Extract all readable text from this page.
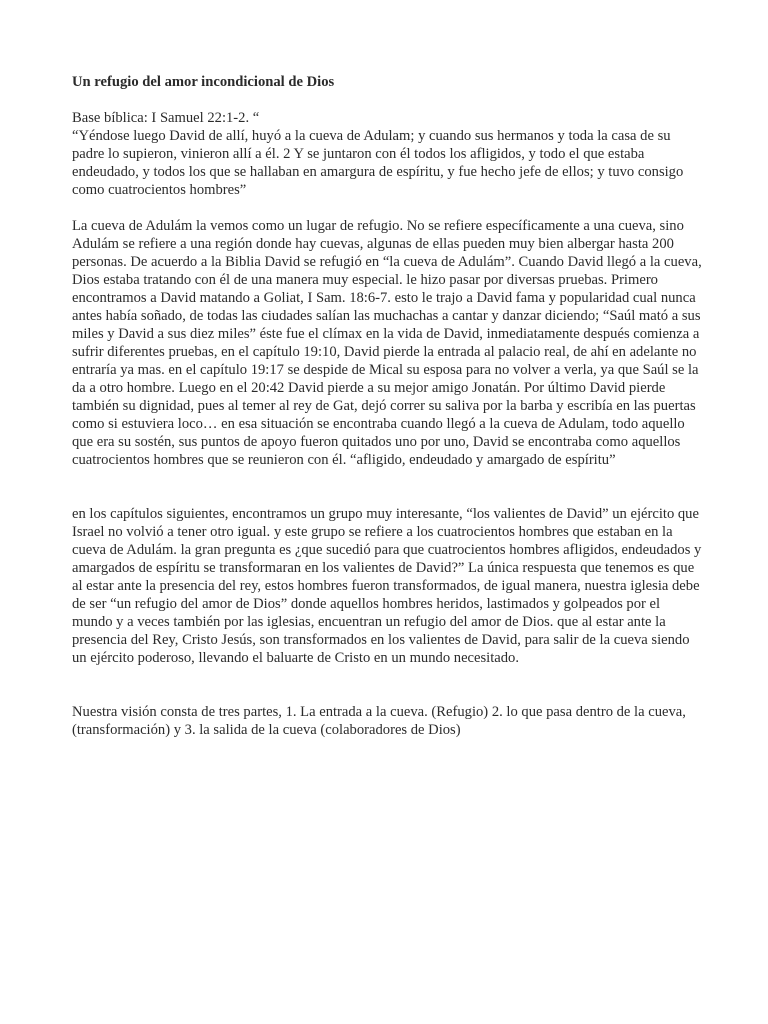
Un refugio del amor incondicional de Dios

Base bíblica: I Samuel 22:1-2. “

“Yéndose luego David de allí, huyó a la cueva de Adulam; y cuando sus hermanos y toda la casa de su padre lo supieron, vinieron allí a él. 2 Y se juntaron con él todos los afligidos, y todo el que estaba endeudado, y todos los que se hallaban en amargura de espíritu, y fue hecho jefe de ellos; y tuvo consigo como cuatrocientos hombres”

La cueva de Adulám la vemos como un lugar de refugio. No se refiere específicamente a una cueva, sino Adulám se refiere a una región donde hay cuevas, algunas de ellas pueden muy bien albergar hasta 200 personas. De acuerdo a la Biblia David se refugió en “la cueva de Adulám”. Cuando David llegó a la cueva, Dios estaba tratando con él de una manera muy especial. le hizo pasar por diversas pruebas. Primero encontramos a David matando a Goliat, I Sam. 18:6-7. esto le trajo a David fama y popularidad cual nunca antes había soñado, de todas las ciudades salían las muchachas a cantar y danzar diciendo; “Saúl mató a sus miles y David a sus diez miles” éste fue el clímax en la vida de David, inmediatamente después comienza a sufrir diferentes pruebas, en el capítulo 19:10, David pierde la entrada al palacio real, de ahí en adelante no entraría ya mas. en el capítulo 19:17 se despide de Mical su esposa para no volver a verla, ya que Saúl se la da a otro hombre. Luego en el 20:42 David pierde a su mejor amigo Jonatán. Por último David pierde también su dignidad, pues al temer al rey de Gat, dejó correr su saliva por la barba y escribía en las puertas como si estuviera loco… en esa situación se encontraba cuando llegó a la cueva de Adulam, todo aquello que era su sostén, sus puntos de apoyo fueron quitados uno por uno, David se encontraba como aquellos cuatrocientos hombres que se reunieron con él. “afligido, endeudado y amargado de espíritu”

en los capítulos siguientes, encontramos un grupo muy interesante, “los valientes de David” un ejército que Israel no volvió a tener otro igual. y este grupo se refiere a los cuatrocientos hombres que estaban en la cueva de Adulám. la gran pregunta es ¿que sucedió para que cuatrocientos hombres afligidos, endeudados y amargados de espíritu se transformaran en los valientes de David?” La única respuesta que tenemos es que al estar ante la presencia del rey, estos hombres fueron transformados, de igual manera, nuestra iglesia debe de ser “un refugio del amor de Dios” donde aquellos hombres heridos, lastimados y golpeados por el mundo y a veces también por las iglesias, encuentran un refugio del amor de Dios. que al estar ante la presencia del Rey, Cristo Jesús, son transformados en los valientes de David, para salir de la cueva siendo un ejército poderoso, llevando el baluarte de Cristo en un mundo necesitado.

Nuestra visión consta de tres partes, 1. La entrada a la cueva. (Refugio) 2. lo que pasa dentro de la cueva, (transformación) y 3. la salida de la cueva (colaboradores de Dios)
